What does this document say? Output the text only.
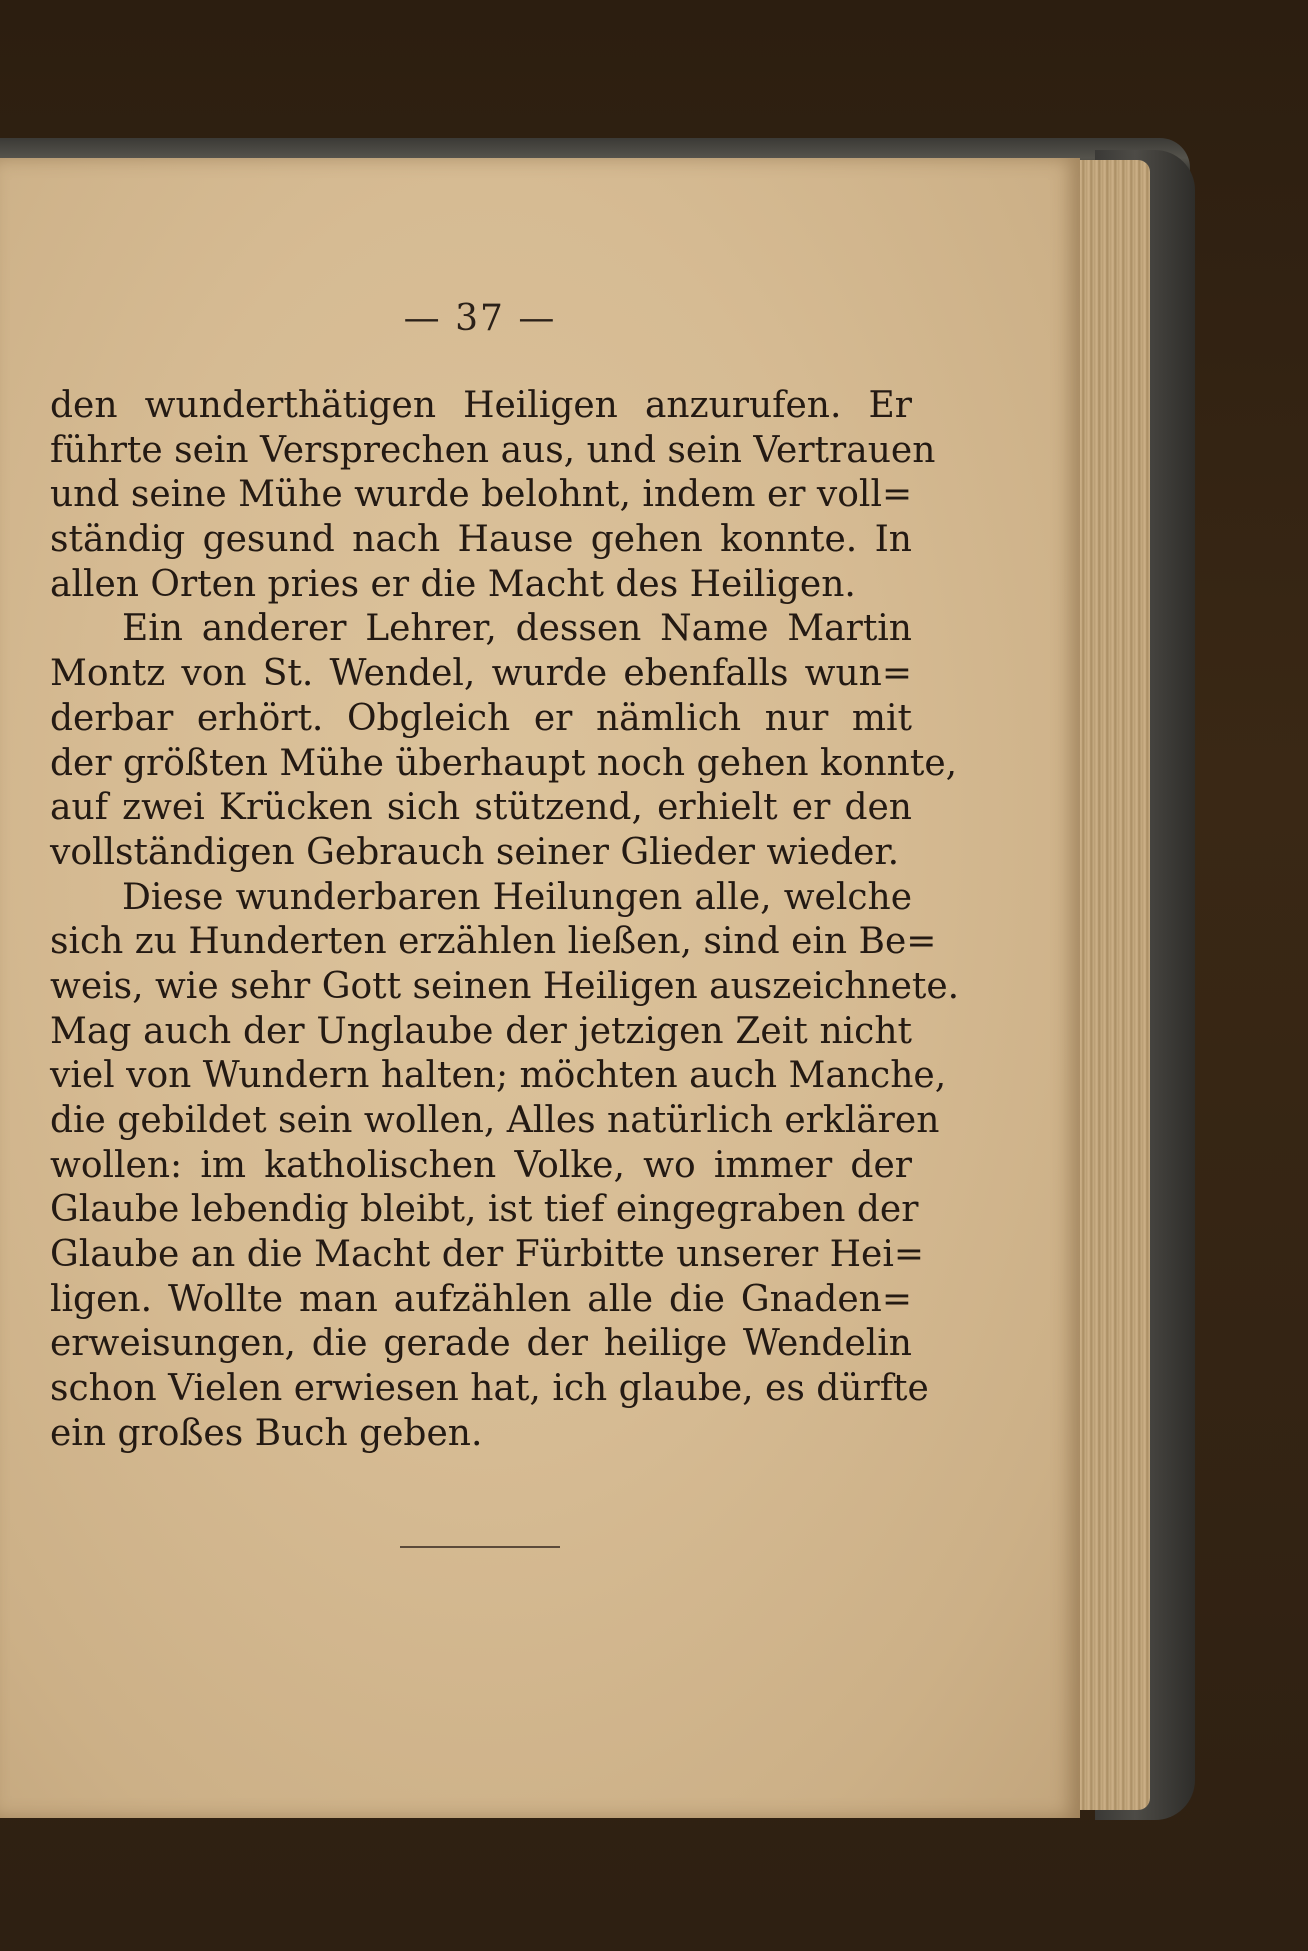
— 37 —
den wunderthätigen Heiligen anzurufen. Er
führte sein Versprechen aus, und sein Vertrauen
und seine Mühe wurde belohnt, indem er voll=
ständig gesund nach Hause gehen konnte. In
allen Orten pries er die Macht des Heiligen.
Ein anderer Lehrer, dessen Name Martin
Montz von St. Wendel, wurde ebenfalls wun=
derbar erhört. Obgleich er nämlich nur mit
der größten Mühe überhaupt noch gehen konnte,
auf zwei Krücken sich stützend, erhielt er den
vollständigen Gebrauch seiner Glieder wieder.
Diese wunderbaren Heilungen alle, welche
sich zu Hunderten erzählen ließen, sind ein Be=
weis, wie sehr Gott seinen Heiligen auszeichnete.
Mag auch der Unglaube der jetzigen Zeit nicht
viel von Wundern halten; möchten auch Manche,
die gebildet sein wollen, Alles natürlich erklären
wollen: im katholischen Volke, wo immer der
Glaube lebendig bleibt, ist tief eingegraben der
Glaube an die Macht der Fürbitte unserer Hei=
ligen. Wollte man aufzählen alle die Gnaden=
erweisungen, die gerade der heilige Wendelin
schon Vielen erwiesen hat, ich glaube, es dürfte
ein großes Buch geben.
